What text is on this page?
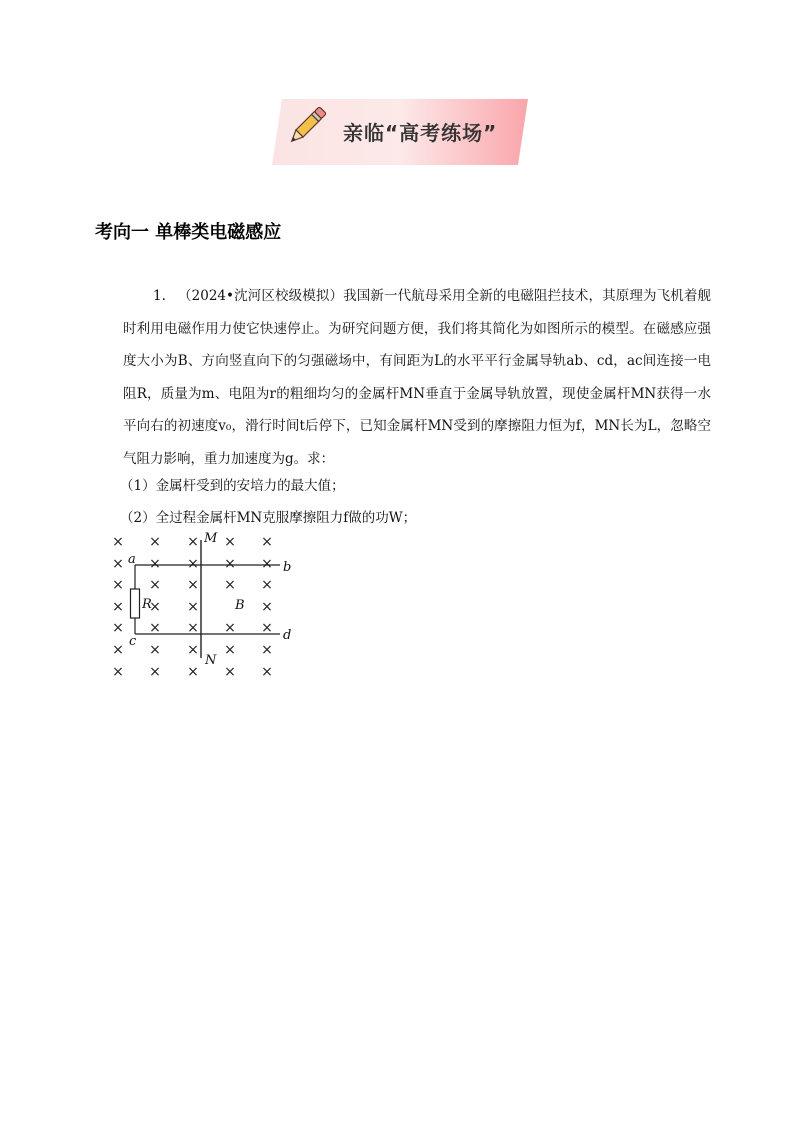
亲临“高考练场”
考向一 单棒类电磁感应

1. （2024•沈河区校级模拟）我国新一代航母采用全新的电磁阻拦技术，其原理为飞机着舰时利用电磁作用力使它快速停止。为研究问题方便，我们将其简化为如图所示的模型。在磁感应强度大小为B、方向竖直向下的匀强磁场中，有间距为L的水平平行金属导轨ab、cd，ac间连接一电阻R，质量为m、电阻为r的粗细均匀的金属杆MN垂直于金属导轨放置，现使金属杆MN获得一水平向右的初速度v₀，滑行时间t后停下，已知金属杆MN受到的摩擦阻力恒为f，MN长为L，忽略空气阻力影响，重力加速度为g。求：

（1）金属杆受到的安培力的最大值；

（2）全过程金属杆MN克服摩擦阻力f做的功W；

× × × × ×
× × × × ×
× × × × ×
× × ×	×
× × × × ×
× × × × ×
× × × × ×
M
N
a
b
c	d
R	B
